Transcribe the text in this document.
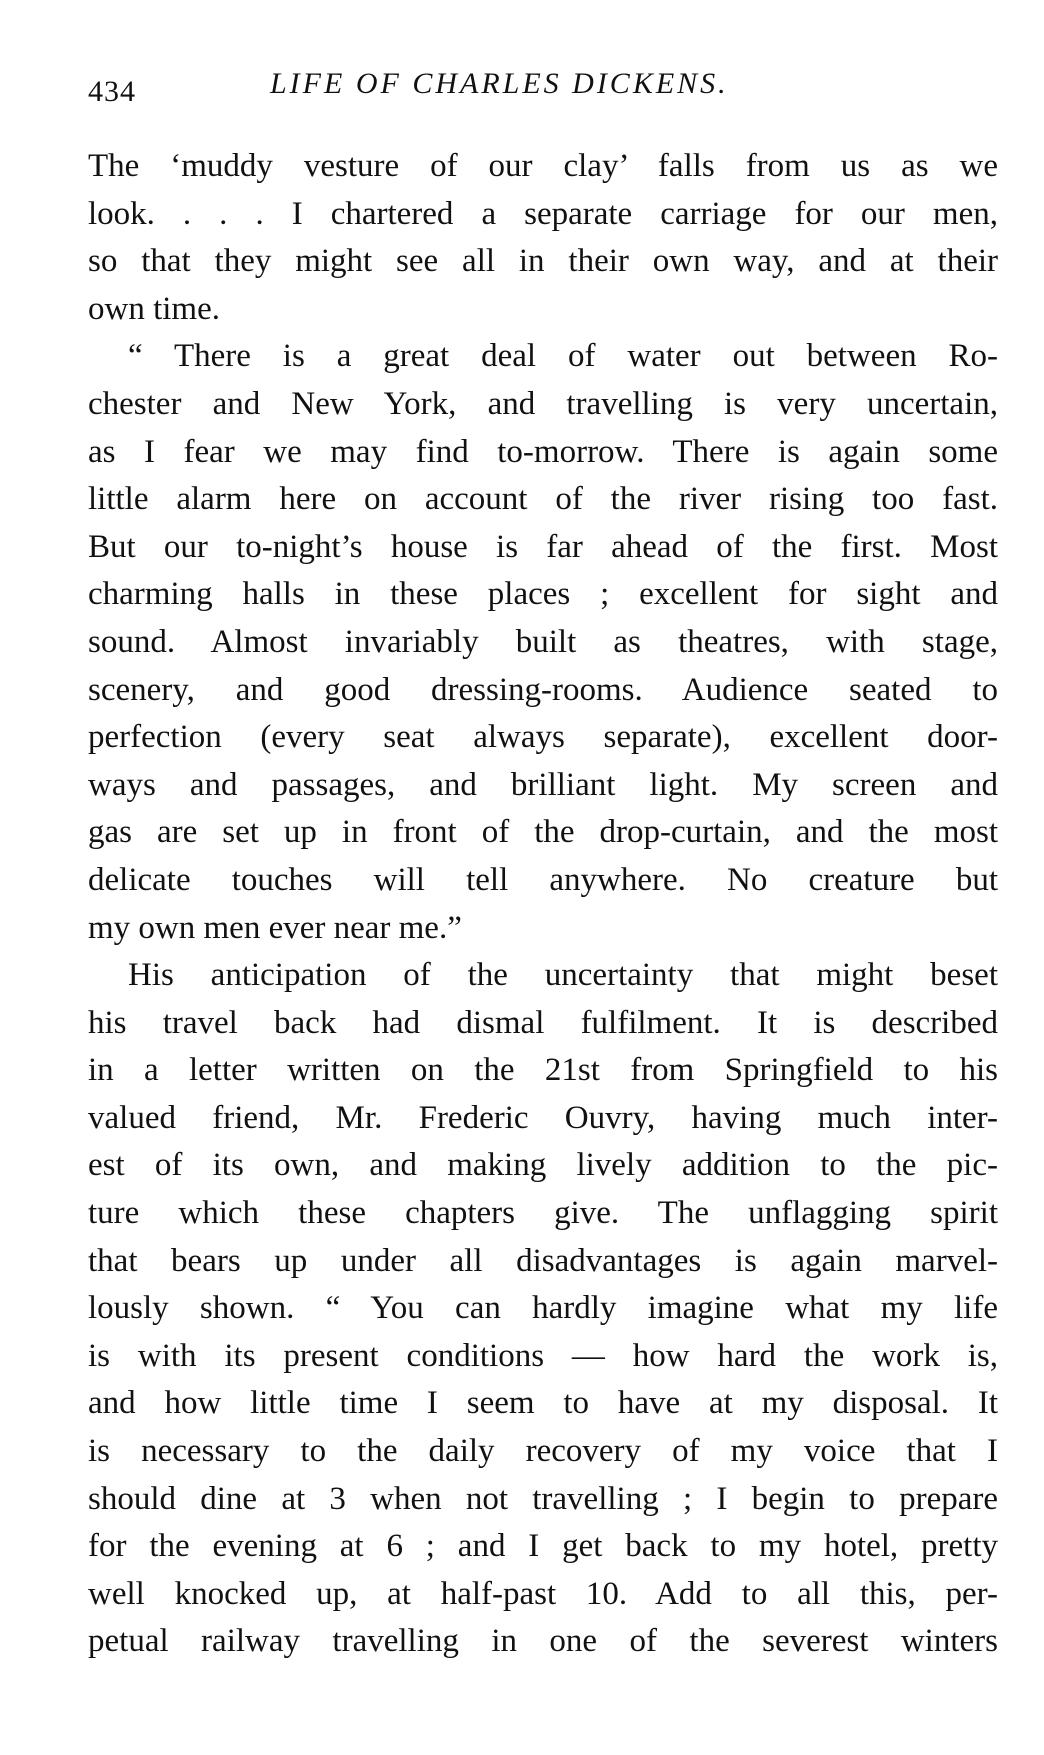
434	LIFE OF CHARLES DICKENS.
The ‘muddy vesture of our clay’ falls from us as we
look. . . . I chartered a separate carriage for our men,
so that they might see all in their own way, and at their
own time.
“ There is a great deal of water out between Ro-
chester and New York, and travelling is very uncertain,
as I fear we may find to-morrow. There is again some
little alarm here on account of the river rising too fast.
But our to-night’s house is far ahead of the first. Most
charming halls in these places ; excellent for sight and
sound. Almost invariably built as theatres, with stage,
scenery, and good dressing-rooms. Audience seated to
perfection (every seat always separate), excellent door-
ways and passages, and brilliant light. My screen and
gas are set up in front of the drop-curtain, and the most
delicate touches will tell anywhere. No creature but
my own men ever near me.”
His anticipation of the uncertainty that might beset
his travel back had dismal fulfilment. It is described
in a letter written on the 21st from Springfield to his
valued friend, Mr. Frederic Ouvry, having much inter-
est of its own, and making lively addition to the pic-
ture which these chapters give. The unflagging spirit
that bears up under all disadvantages is again marvel-
lously shown. “ You can hardly imagine what my life
is with its present conditions — how hard the work is,
and how little time I seem to have at my disposal. It
is necessary to the daily recovery of my voice that I
should dine at 3 when not travelling ; I begin to prepare
for the evening at 6 ; and I get back to my hotel, pretty
well knocked up, at half-past 10. Add to all this, per-
petual railway travelling in one of the severest winters
